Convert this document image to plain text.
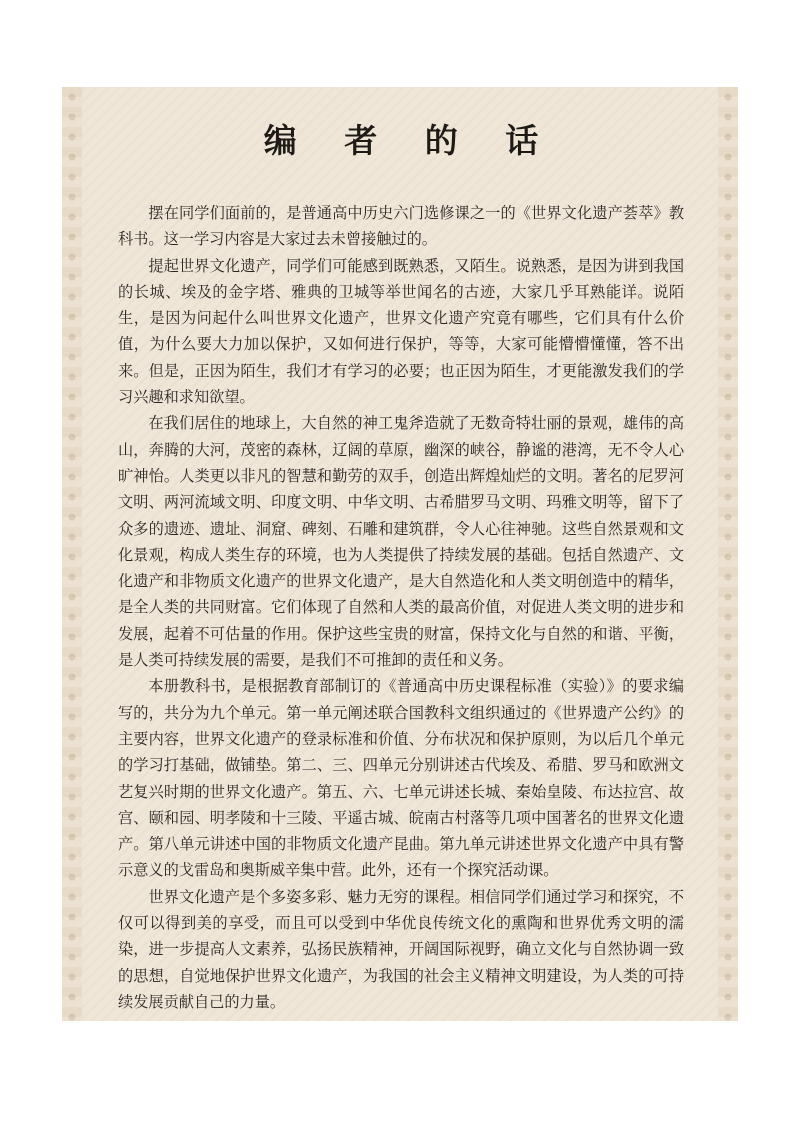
编 者 的 话

摆在同学们面前的，是普通高中历史六门选修课之一的《世界文化遗产荟萃》教科书。这一学习内容是大家过去未曾接触过的。

提起世界文化遗产，同学们可能感到既熟悉，又陌生。说熟悉，是因为讲到我国的长城、埃及的金字塔、雅典的卫城等举世闻名的古迹，大家几乎耳熟能详。说陌生，是因为问起什么叫世界文化遗产，世界文化遗产究竟有哪些，它们具有什么价值，为什么要大力加以保护，又如何进行保护，等等，大家可能懵懵懂懂，答不出来。但是，正因为陌生，我们才有学习的必要；也正因为陌生，才更能激发我们的学习兴趣和求知欲望。

在我们居住的地球上，大自然的神工鬼斧造就了无数奇特壮丽的景观，雄伟的高山，奔腾的大河，茂密的森林，辽阔的草原，幽深的峡谷，静谧的港湾，无不令人心旷神怡。人类更以非凡的智慧和勤劳的双手，创造出辉煌灿烂的文明。著名的尼罗河文明、两河流域文明、印度文明、中华文明、古希腊罗马文明、玛雅文明等，留下了众多的遗迹、遗址、洞窟、碑刻、石雕和建筑群，令人心往神驰。这些自然景观和文化景观，构成人类生存的环境，也为人类提供了持续发展的基础。包括自然遗产、文化遗产和非物质文化遗产的世界文化遗产，是大自然造化和人类文明创造中的精华，是全人类的共同财富。它们体现了自然和人类的最高价值，对促进人类文明的进步和发展，起着不可估量的作用。保护这些宝贵的财富，保持文化与自然的和谐、平衡，是人类可持续发展的需要，是我们不可推卸的责任和义务。

本册教科书，是根据教育部制订的《普通高中历史课程标准（实验）》的要求编写的，共分为九个单元。第一单元阐述联合国教科文组织通过的《世界遗产公约》的主要内容，世界文化遗产的登录标准和价值、分布状况和保护原则，为以后几个单元的学习打基础，做铺垫。第二、三、四单元分别讲述古代埃及、希腊、罗马和欧洲文艺复兴时期的世界文化遗产。第五、六、七单元讲述长城、秦始皇陵、布达拉宫、故宫、颐和园、明孝陵和十三陵、平遥古城、皖南古村落等几项中国著名的世界文化遗产。第八单元讲述中国的非物质文化遗产昆曲。第九单元讲述世界文化遗产中具有警示意义的戈雷岛和奥斯威辛集中营。此外，还有一个探究活动课。

世界文化遗产是个多姿多彩、魅力无穷的课程。相信同学们通过学习和探究，不仅可以得到美的享受，而且可以受到中华优良传统文化的熏陶和世界优秀文明的濡染，进一步提高人文素养，弘扬民族精神，开阔国际视野，确立文化与自然协调一致的思想，自觉地保护世界文化遗产，为我国的社会主义精神文明建设，为人类的可持续发展贡献自己的力量。
